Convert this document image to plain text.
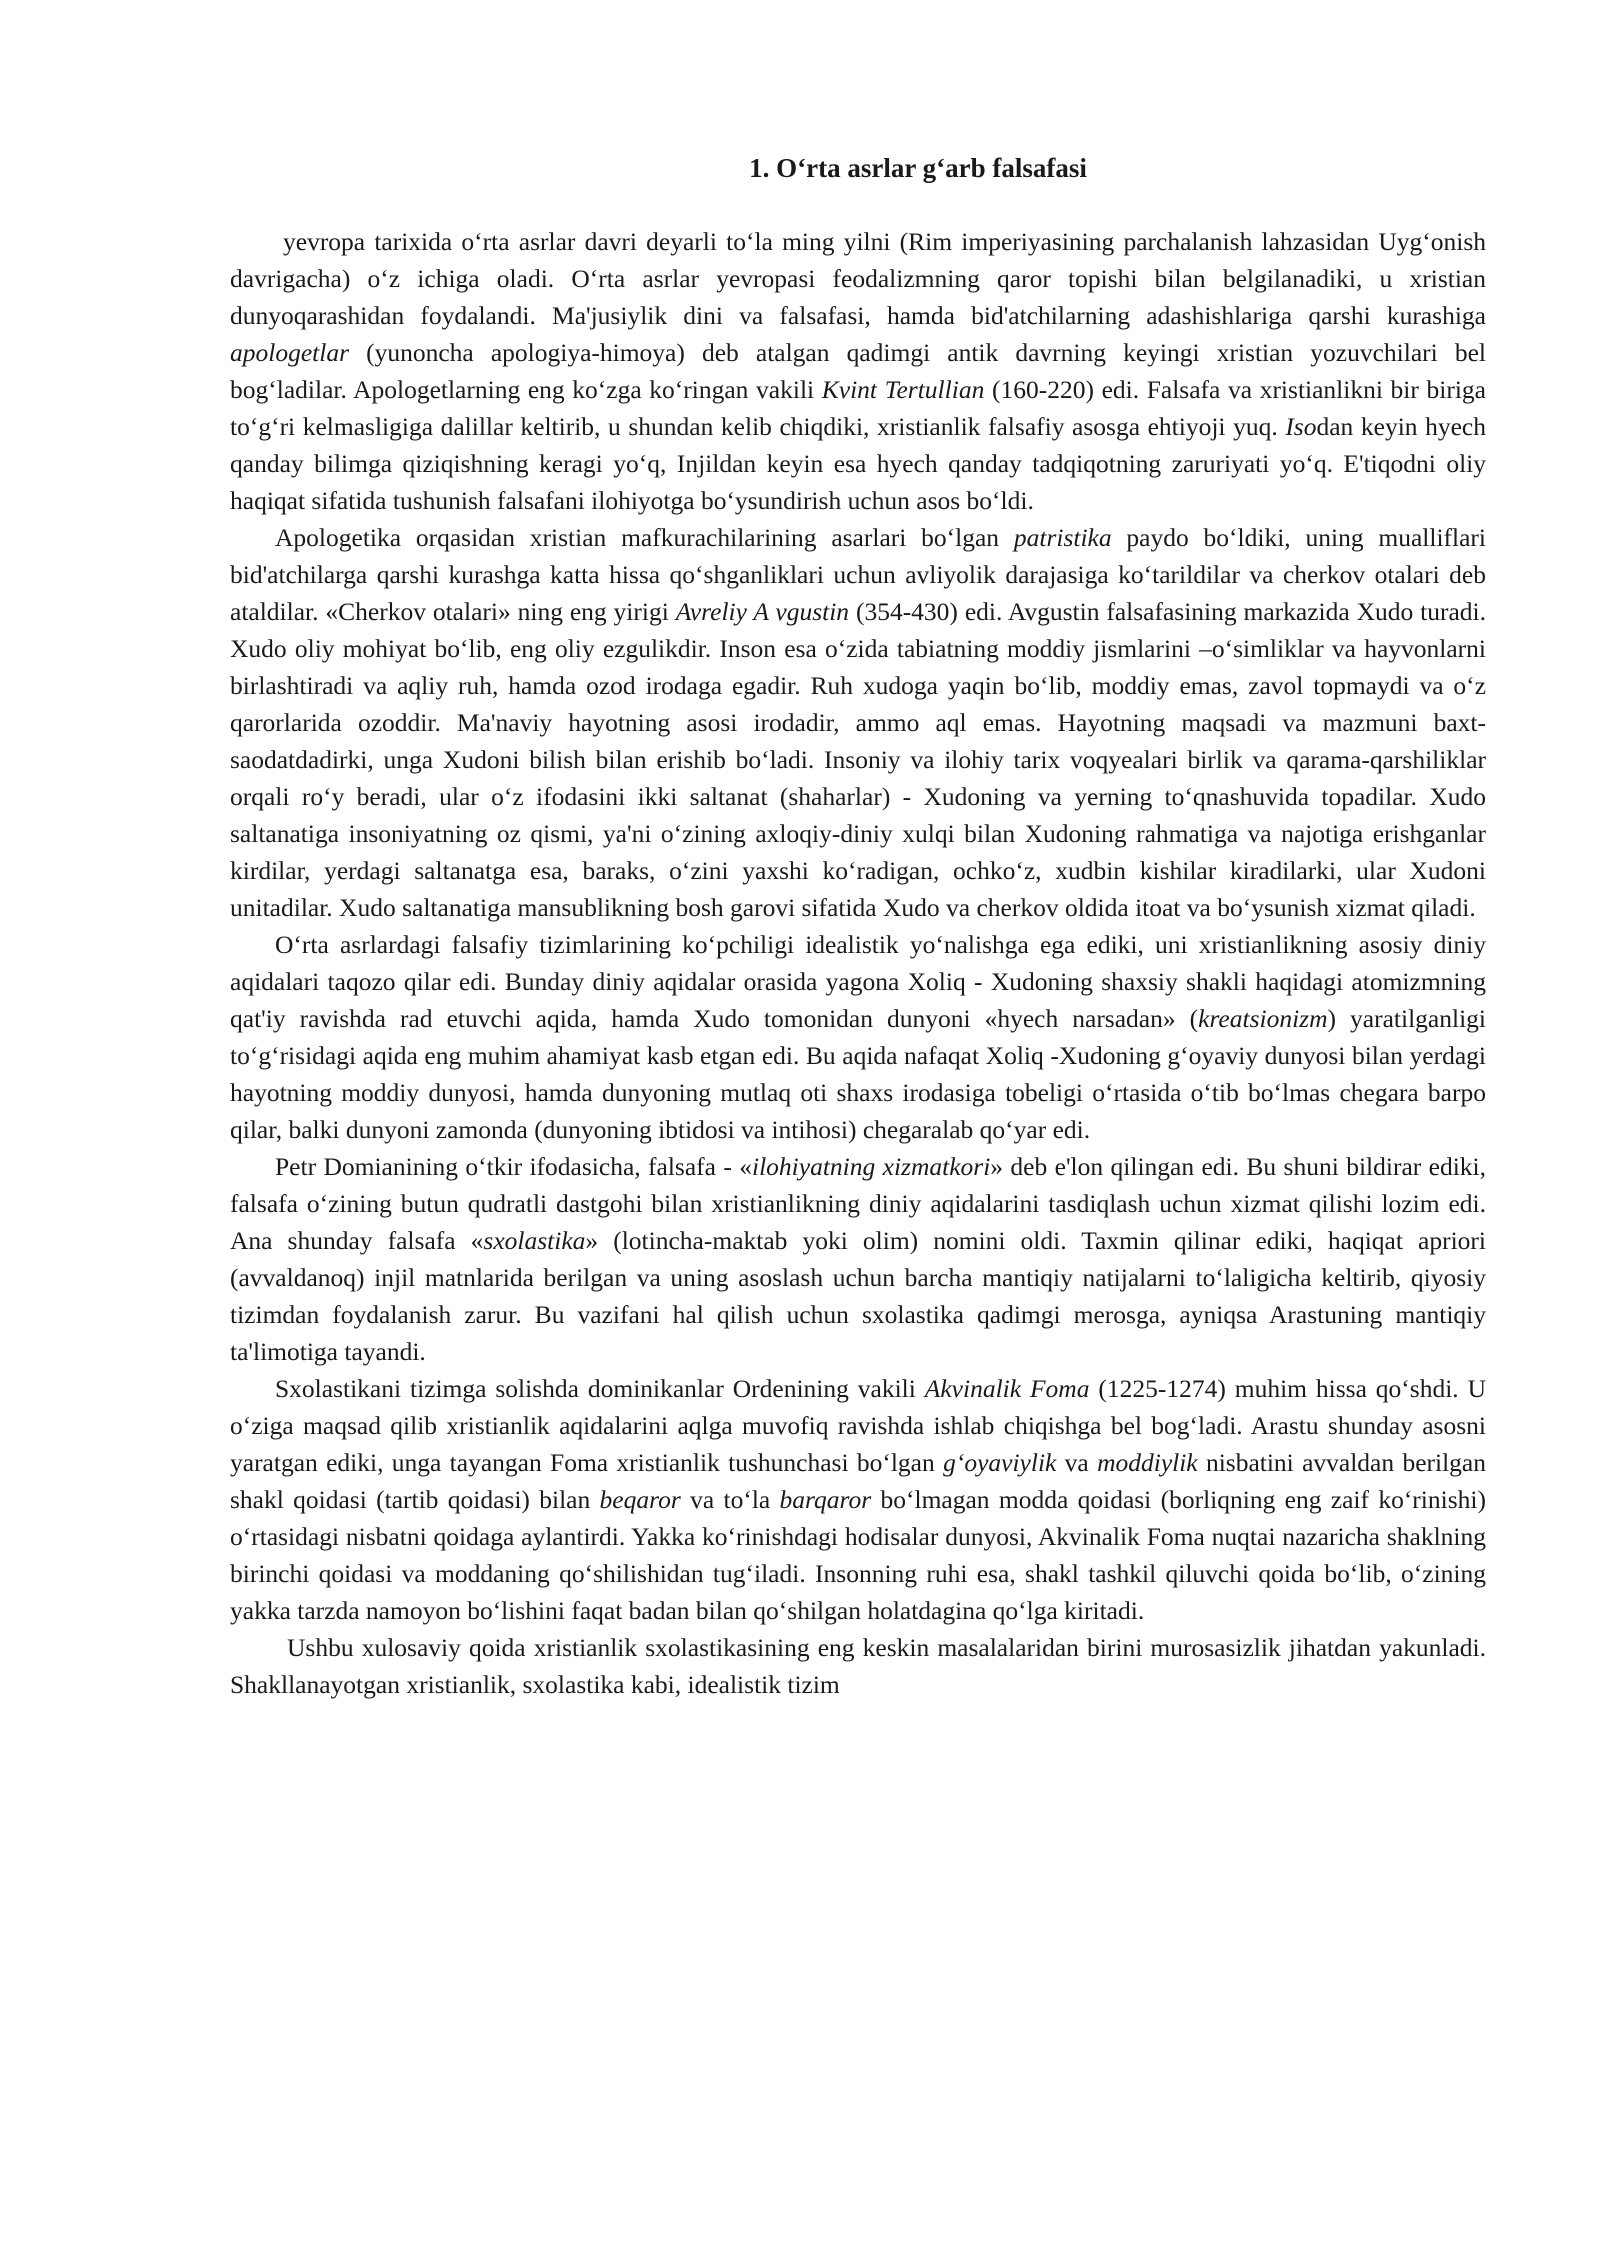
1. O‘rta asrlar g‘arb falsafasi

yevropa tarixida o‘rta asrlar davri deyarli to‘la ming yilni (Rim imperiyasining parchalanish lahzasidan Uyg‘onish davrigacha) o‘z ichiga oladi. O‘rta asrlar yevropasi feodalizmning qaror topishi bilan belgilanadiki, u xristian dunyoqarashidan foydalandi. Ma'jusiylik dini va falsafasi, hamda bid'atchilarning adashishlariga qarshi kurashiga apologetlar (yunoncha apologiya-himoya) deb atalgan qadimgi antik davrning keyingi xristian yozuvchilari bel bog‘ladilar. Apologetlarning eng ko‘zga ko‘ringan vakili Kvint Tertullian (160-220) edi. Falsafa va xristianlikni bir biriga to‘g‘ri kelmasligiga dalillar keltirib, u shundan kelib chiqdiki, xristianlik falsafiy asosga ehtiyoji yuq. Isodan keyin hyech qanday bilimga qiziqishning keragi yo‘q, Injildan keyin esa hyech qanday tadqiqotning zaruriyati yo‘q. E'tiqodni oliy haqiqat sifatida tushunish falsafani ilohiyotga bo‘ysundirish uchun asos bo‘ldi.

Apologetika orqasidan xristian mafkurachilarining asarlari bo‘lgan patristika paydo bo‘ldiki, uning mualliflari bid'atchilarga qarshi kurashga katta hissa qo‘shganliklari uchun avliyolik darajasiga ko‘tarildilar va cherkov otalari deb ataldilar. «Cherkov otalari» ning eng yirigi Avreliy A vgustin (354-430) edi. Avgustin falsafasining markazida Xudo turadi. Xudo oliy mohiyat bo‘lib, eng oliy ezgulikdir. Inson esa o‘zida tabiatning moddiy jismlarini –o‘simliklar va hayvonlarni birlashtiradi va aqliy ruh, hamda ozod irodaga egadir. Ruh xudoga yaqin bo‘lib, moddiy emas, zavol topmaydi va o‘z qarorlarida ozoddir. Ma'naviy hayotning asosi irodadir, ammo aql emas. Hayotning maqsadi va mazmuni baxt-saodatdadirki, unga Xudoni bilish bilan erishib bo‘ladi. Insoniy va ilohiy tarix voqyealari birlik va qarama-qarshiliklar orqali ro‘y beradi, ular o‘z ifodasini ikki saltanat (shaharlar) - Xudoning va yerning to‘qnashuvida topadilar. Xudo saltanatiga insoniyatning oz qismi, ya'ni o‘zining axloqiy-diniy xulqi bilan Xudoning rahmatiga va najotiga erishganlar kirdilar, yerdagi saltanatga esa, baraks, o‘zini yaxshi ko‘radigan, ochko‘z, xudbin kishilar kiradilarki, ular Xudoni unitadilar. Xudo saltanatiga mansublikning bosh garovi sifatida Xudo va cherkov oldida itoat va bo‘ysunish xizmat qiladi.

O‘rta asrlardagi falsafiy tizimlarining ko‘pchiligi idealistik yo‘nalishga ega ediki, uni xristianlikning asosiy diniy aqidalari taqozo qilar edi. Bunday diniy aqidalar orasida yagona Xoliq - Xudoning shaxsiy shakli haqidagi atomizmning qat'iy ravishda rad etuvchi aqida, hamda Xudo tomonidan dunyoni «hyech narsadan» (kreatsionizm) yaratilganligi to‘g‘risidagi aqida eng muhim ahamiyat kasb etgan edi. Bu aqida nafaqat Xoliq -Xudoning g‘oyaviy dunyosi bilan yerdagi hayotning moddiy dunyosi, hamda dunyoning mutlaq oti shaxs irodasiga tobeligi o‘rtasida o‘tib bo‘lmas chegara barpo qilar, balki dunyoni zamonda (dunyoning ibtidosi va intihosi) chegaralab qo‘yar edi.

Petr Domianining o‘tkir ifodasicha, falsafa - «ilohiyatning xizmatkori» deb e'lon qilingan edi. Bu shuni bildirar ediki, falsafa o‘zining butun qudratli dastgohi bilan xristianlikning diniy aqidalarini tasdiqlash uchun xizmat qilishi lozim edi. Ana shunday falsafa «sxolastika» (lotincha-maktab yoki olim) nomini oldi. Taxmin qilinar ediki, haqiqat apriori (avvaldanoq) injil matnlarida berilgan va uning asoslash uchun barcha mantiqiy natijalarni to‘laligicha keltirib, qiyosiy tizimdan foydalanish zarur. Bu vazifani hal qilish uchun sxolastika qadimgi merosga, ayniqsa Arastuning mantiqiy ta'limotiga tayandi.

Sxolastikani tizimga solishda dominikanlar Ordenining vakili Akvinalik Foma (1225-1274) muhim hissa qo‘shdi. U o‘ziga maqsad qilib xristianlik aqidalarini aqlga muvofiq ravishda ishlab chiqishga bel bog‘ladi. Arastu shunday asosni yaratgan ediki, unga tayangan Foma xristianlik tushunchasi bo‘lgan g‘oyaviylik va moddiylik nisbatini avvaldan berilgan shakl qoidasi (tartib qoidasi) bilan beqaror va to‘la barqaror bo‘lmagan modda qoidasi (borliqning eng zaif ko‘rinishi) o‘rtasidagi nisbatni qoidaga aylantirdi. Yakka ko‘rinishdagi hodisalar dunyosi, Akvinalik Foma nuqtai nazaricha shaklning birinchi qoidasi va moddaning qo‘shilishidan tug‘iladi. Insonning ruhi esa, shakl tashkil qiluvchi qoida bo‘lib, o‘zining yakka tarzda namoyon bo‘lishini faqat badan bilan qo‘shilgan holatdagina qo‘lga kiritadi.

Ushbu xulosaviy qoida xristianlik sxolastikasining eng keskin masalalaridan birini murosasizlik jihatdan yakunladi. Shakllanayotgan xristianlik, sxolastika kabi, idealistik tizim
